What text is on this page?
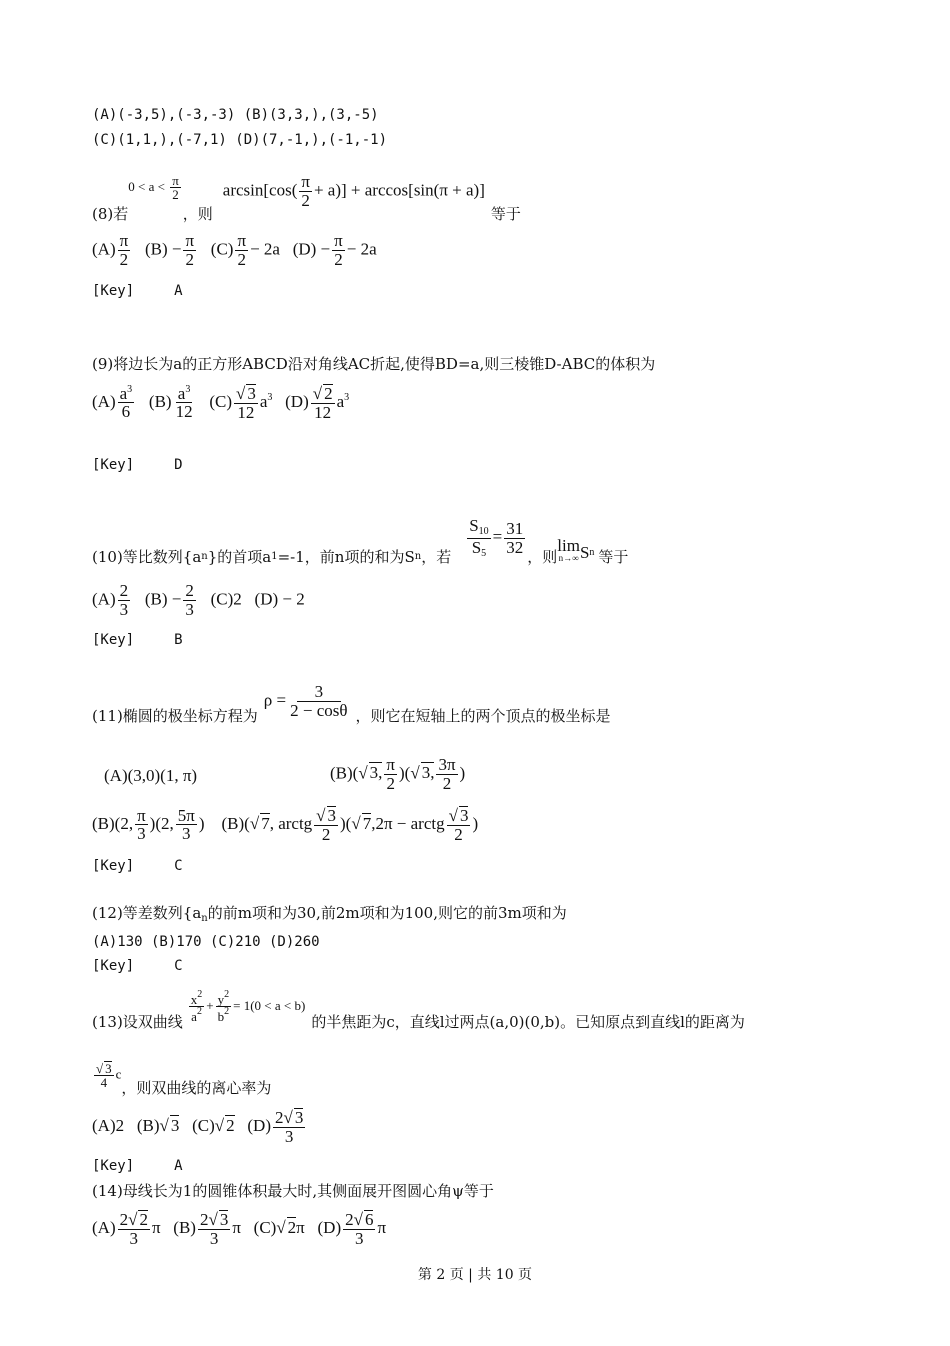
(A)(-3,5),(-3,-3) (B)(3,3,),(3,-5)
(C)(1,1,),(-7,1) (D)(7,-1,),(-1,-1)
(8)若
$0 < a < \frac{\pi}{2}$
，则
$\arcsin[\cos( \frac{\pi}{2} + a)] + \arccos[\sin(\pi + a)]$
等于
$(A) \frac{\pi}{2} (B) - \frac{\pi}{2} (C) \frac{\pi}{2} - 2a$ $(D) - \frac{\pi}{2} - 2a$
[Key]	A
(9)将边长为a的正方形ABCD沿对角线AC折起,使得BD=a,则三棱锥D-ABC的体积为
$(A) \frac{a^3}{6} (B) \frac{a^3}{12} (C) \frac{√ 3}{12} a^3$ $(D) \frac{√ 2}{12} a^3$
[Key]	D
(10)等比数列{a n }的首项a 1 =-1，前n项的和为S n ，若 $\frac{S_{10}}{S_5} = \frac{31}{32}$
，则
lim
n→∞ S n 等于
$(A) \frac{2}{3} (B) - \frac{2}{3} (C)2$ (D) − 2
[Key]	B
(11)椭圆的极坐标方程为
$\rho = \frac{3}{2 - \cos\theta}$ ，则它在短轴上的两个顶点的极坐标是
(A)(3,0)(1, π)	(B)(√ 3, $\frac{\pi}{2}$ )(√ 3, $\frac{3\pi}{2}$ )
(B)(2, $\frac{\pi}{3} )(2$, $\frac{5\pi}{3}$ ) (B)(√ 7, arctg $\frac{√ 3}{2}$ )(√ 7,2π − arctg $\frac{√ 3}{2}$ )
[Key]	C
(12)等差数列{$a_n$的前m项和为30,前2m项和为100,则它的前3m项和为
(A)130 (B)170 (C)210 (D)260
[Key]	C
(13)设双曲线 $\frac{x^2}{a^2} + \frac{y^2}{b^2} = 1(0 < a < b)$
的半焦距为c，直线l过两点(a,0)(0,b)。已知原点到直线l的距离为
$\frac{√ 3}{4}$ c
，则双曲线的离心率为
(A)2 (B)√ 3 (C)√ 2 $(D) \frac{2√ 3}{3}$
[Key]	A
(14)母线长为1的圆锥体积最大时,其侧面展开图圆心角ψ等于
$(A) \frac{2√ 2}{3}$ π $(B) \frac{2√ 3}{3}$ π (C)√ 2π $(D) \frac{2√ 6}{3}$ π
第 2 页 | 共 10 页
